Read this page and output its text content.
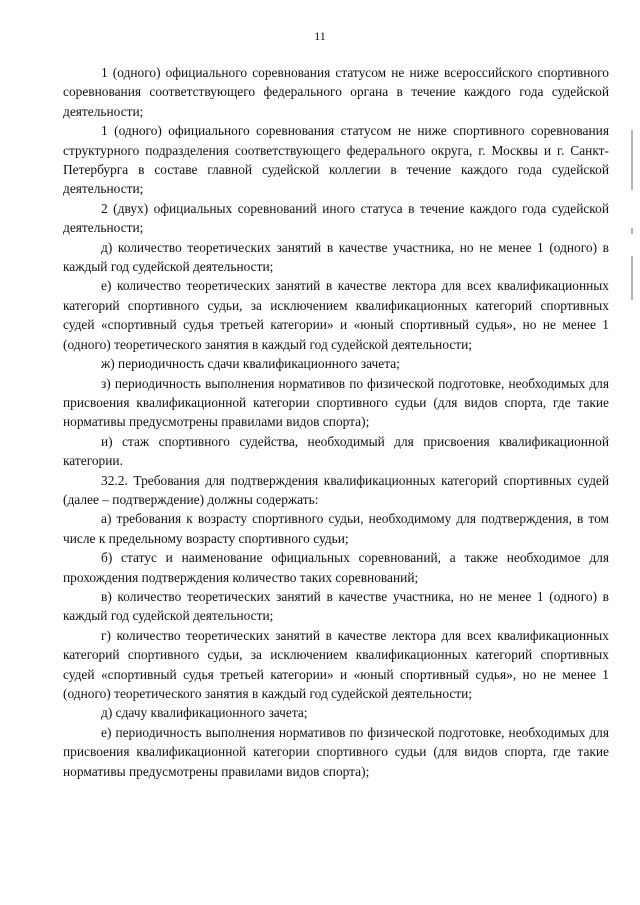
11

1 (одного) официального соревнования статусом не ниже всероссийского спортивного соревнования соответствующего федерального органа в течение каждого года судейской деятельности;

1 (одного) официального соревнования статусом не ниже спортивного соревнования структурного подразделения соответствующего федерального округа, г. Москвы и г. Санкт-Петербурга в составе главной судейской коллегии в течение каждого года судейской деятельности;

2 (двух) официальных соревнований иного статуса в течение каждого года судейской деятельности;

д) количество теоретических занятий в качестве участника, но не менее 1 (одного) в каждый год судейской деятельности;

е) количество теоретических занятий в качестве лектора для всех квалификационных категорий спортивного судьи, за исключением квалификационных категорий спортивных судей «спортивный судья третьей категории» и «юный спортивный судья», но не менее 1 (одного) теоретического занятия в каждый год судейской деятельности;

ж) периодичность сдачи квалификационного зачета;

з) периодичность выполнения нормативов по физической подготовке, необходимых для присвоения квалификационной категории спортивного судьи (для видов спорта, где такие нормативы предусмотрены правилами видов спорта);

и) стаж спортивного судейства, необходимый для присвоения квалификационной категории.

32.2. Требования для подтверждения квалификационных категорий спортивных судей (далее – подтверждение) должны содержать:

а) требования к возрасту спортивного судьи, необходимому для подтверждения, в том числе к предельному возрасту спортивного судьи;

б) статус и наименование официальных соревнований, а также необходимое для прохождения подтверждения количество таких соревнований;

в) количество теоретических занятий в качестве участника, но не менее 1 (одного) в каждый год судейской деятельности;

г) количество теоретических занятий в качестве лектора для всех квалификационных категорий спортивного судьи, за исключением квалификационных категорий спортивных судей «спортивный судья третьей категории» и «юный спортивный судья», но не менее 1 (одного) теоретического занятия в каждый год судейской деятельности;

д) сдачу квалификационного зачета;

е) периодичность выполнения нормативов по физической подготовке, необходимых для присвоения квалификационной категории спортивного судьи (для видов спорта, где такие нормативы предусмотрены правилами видов спорта);
